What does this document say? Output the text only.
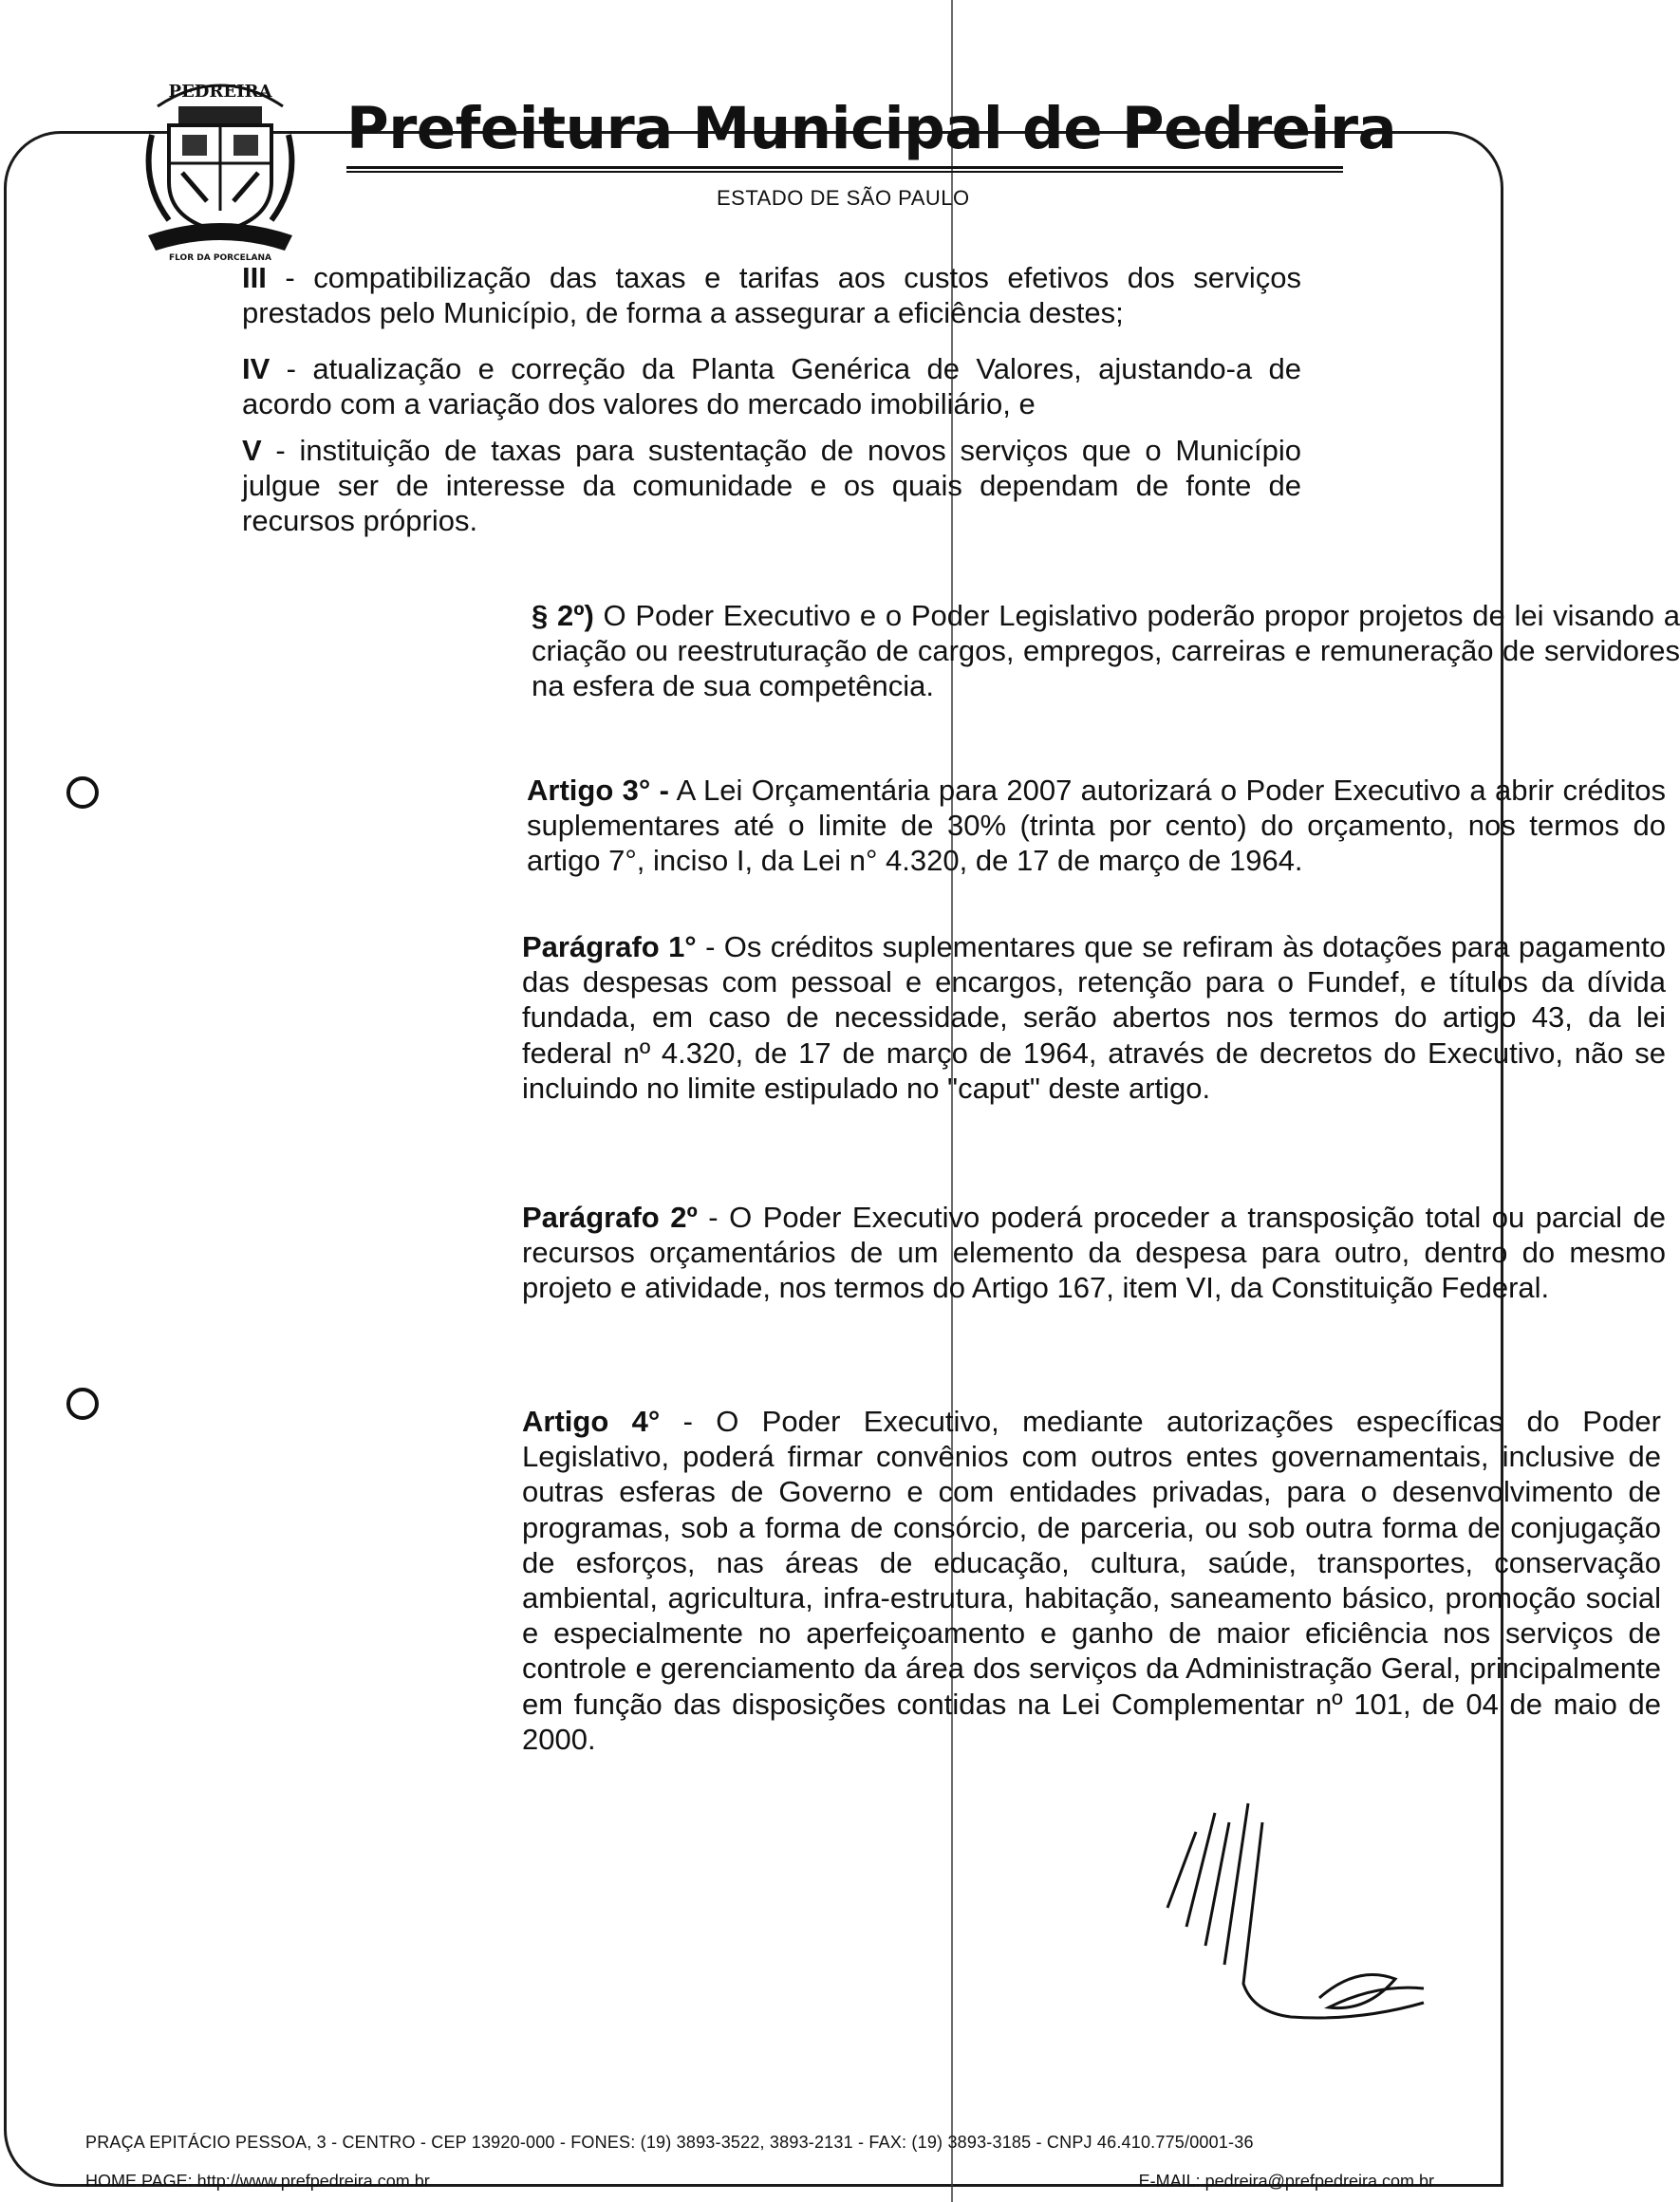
PEDREIRA
FLOR DA PORCELANA
Prefeitura Municipal de Pedreira
ESTADO DE SÃO PAULO

III - compatibilização das taxas e tarifas aos custos efetivos dos serviços prestados pelo Município, de forma a assegurar a eficiência destes;

IV - atualização e correção da Planta Genérica de Valores, ajustando-a de acordo com a variação dos valores do mercado imobiliário, e

V - instituição de taxas para sustentação de novos serviços que o Município julgue ser de interesse da comunidade e os quais dependam de fonte de recursos próprios.

§ 2º) O Poder Executivo e o Poder Legislativo poderão propor projetos de lei visando a criação ou reestruturação de cargos, empregos, carreiras e remuneração de servidores na esfera de sua competência.

Artigo 3° - A Lei Orçamentária para 2007 autorizará o Poder Executivo a abrir créditos suplementares até o limite de 30% (trinta por cento) do orçamento, nos termos do artigo 7°, inciso I, da Lei n° 4.320, de 17 de março de 1964.

Parágrafo 1° - Os créditos suplementares que se refiram às dotações para pagamento das despesas com pessoal e encargos, retenção para o Fundef, e títulos da dívida fundada, em caso de necessidade, serão abertos nos termos do artigo 43, da lei federal nº 4.320, de 17 de março de 1964, através de decretos do Executivo, não se incluindo no limite estipulado no "caput" deste artigo.

Parágrafo 2º - O Poder Executivo poderá proceder a transposição total ou parcial de recursos orçamentários de um elemento da despesa para outro, dentro do mesmo projeto e atividade, nos termos do Artigo 167, item VI, da Constituição Federal.

Artigo 4° - O Poder Executivo, mediante autorizações específicas do Poder Legislativo, poderá firmar convênios com outros entes governamentais, inclusive de outras esferas de Governo e com entidades privadas, para o desenvolvimento de programas, sob a forma de consórcio, de parceria, ou sob outra forma de conjugação de esforços, nas áreas de educação, cultura, saúde, transportes, conservação ambiental, agricultura, infra-estrutura, habitação, saneamento básico, promoção social e especialmente no aperfeiçoamento e ganho de maior eficiência nos serviços de controle e gerenciamento da área dos serviços da Administração Geral, principalmente em função das disposições contidas na Lei Complementar nº 101, de 04 de maio de 2000.

PRAÇA EPITÁCIO PESSOA, 3 - CENTRO - CEP 13920-000 - FONES: (19) 3893-3522, 3893-2131 - FAX: (19) 3893-3185 - CNPJ 46.410.775/0001-36
HOME PAGE: http://www.prefpedreira.com.br	E-MAIL: pedreira@prefpedreira.com.br
